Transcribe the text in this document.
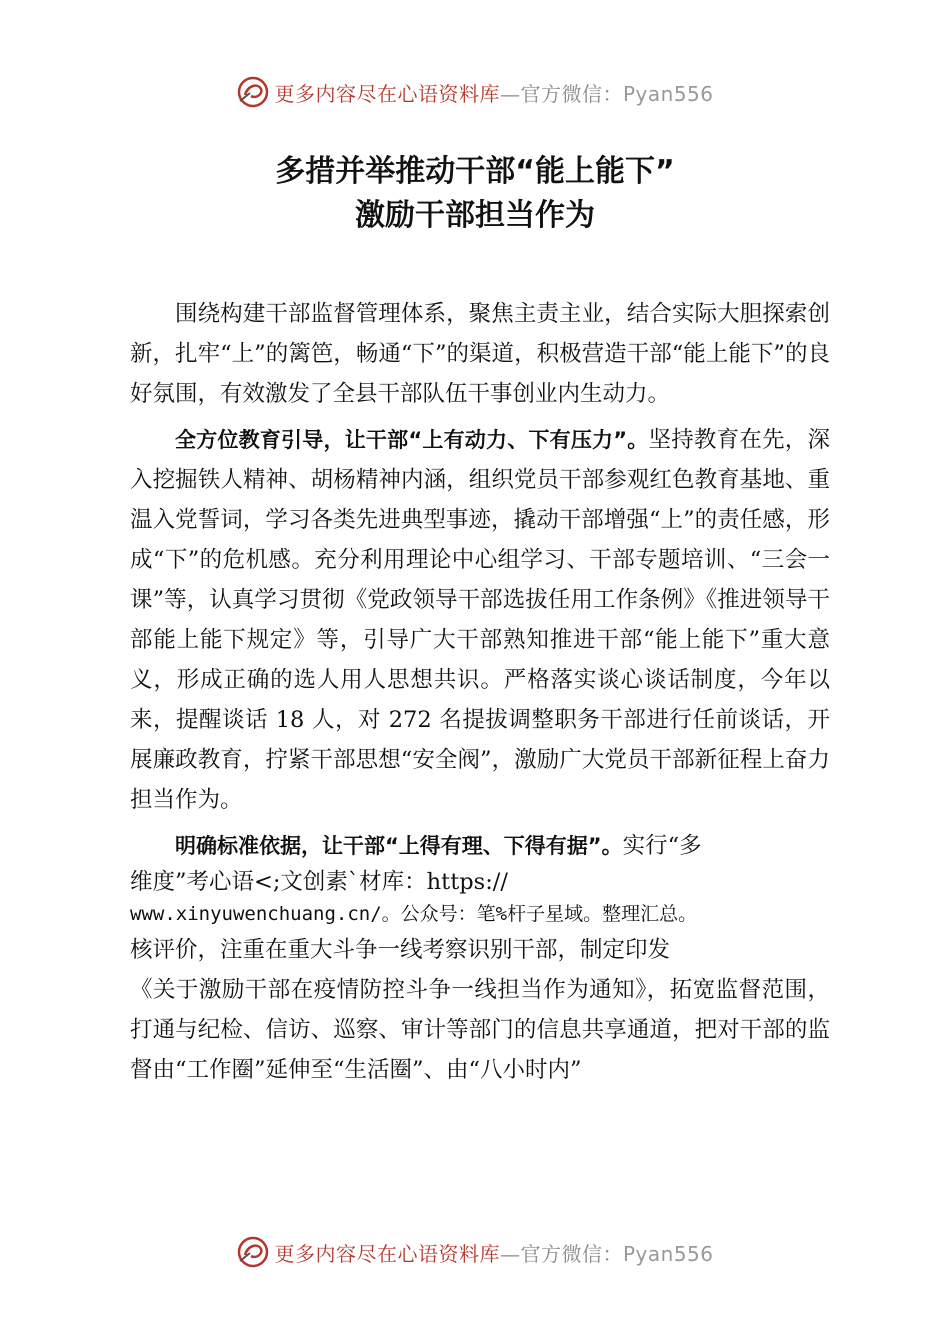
更多内容尽在心语资料库—官方微信：Pyan556
多措并举推动干部“能上能下”
激励干部担当作为

围绕构建干部监督管理体系，聚焦主责主业，结合实际大胆探索创新，扎牢“上”的篱笆，畅通“下”的渠道，积极营造干部“能上能下”的良好氛围，有效激发了全县干部队伍干事创业内生动力。

全方位教育引导，让干部“上有动力、下有压力”。坚持教育在先，深入挖掘铁人精神、胡杨精神内涵，组织党员干部参观红色教育基地、重温入党誓词，学习各类先进典型事迹，撬动干部增强“上”的责任感，形成“下”的危机感。充分利用理论中心组学习、干部专题培训、“三会一课”等，认真学习贯彻《党政领导干部选拔任用工作条例》《推进领导干部能上能下规定》等，引导广大干部熟知推进干部“能上能下”重大意义，形成正确的选人用人思想共识。严格落实谈心谈话制度，今年以来，提醒谈话 18 人，对 272 名提拔调整职务干部进行任前谈话，开展廉政教育，拧紧干部思想“安全阀”，激励广大党员干部新征程上奋力担当作为。

明确标准依据，让干部“上得有理、下得有据”。实行“多

维度”考心语<;文创素`材库：https://

www.xinyuwenchuang.cn/。公众号：笔%杆子星域。整理汇总。

核评价，注重在重大斗争一线考察识别干部，制定印发

《关于激励干部在疫情防控斗争一线担当作为通知》，拓宽监督范围，打通与纪检、信访、巡察、审计等部门的信息共享通道，把对干部的监督由“工作圈”延伸至“生活圈”、由“八小时内”

更多内容尽在心语资料库—官方微信：Pyan556
